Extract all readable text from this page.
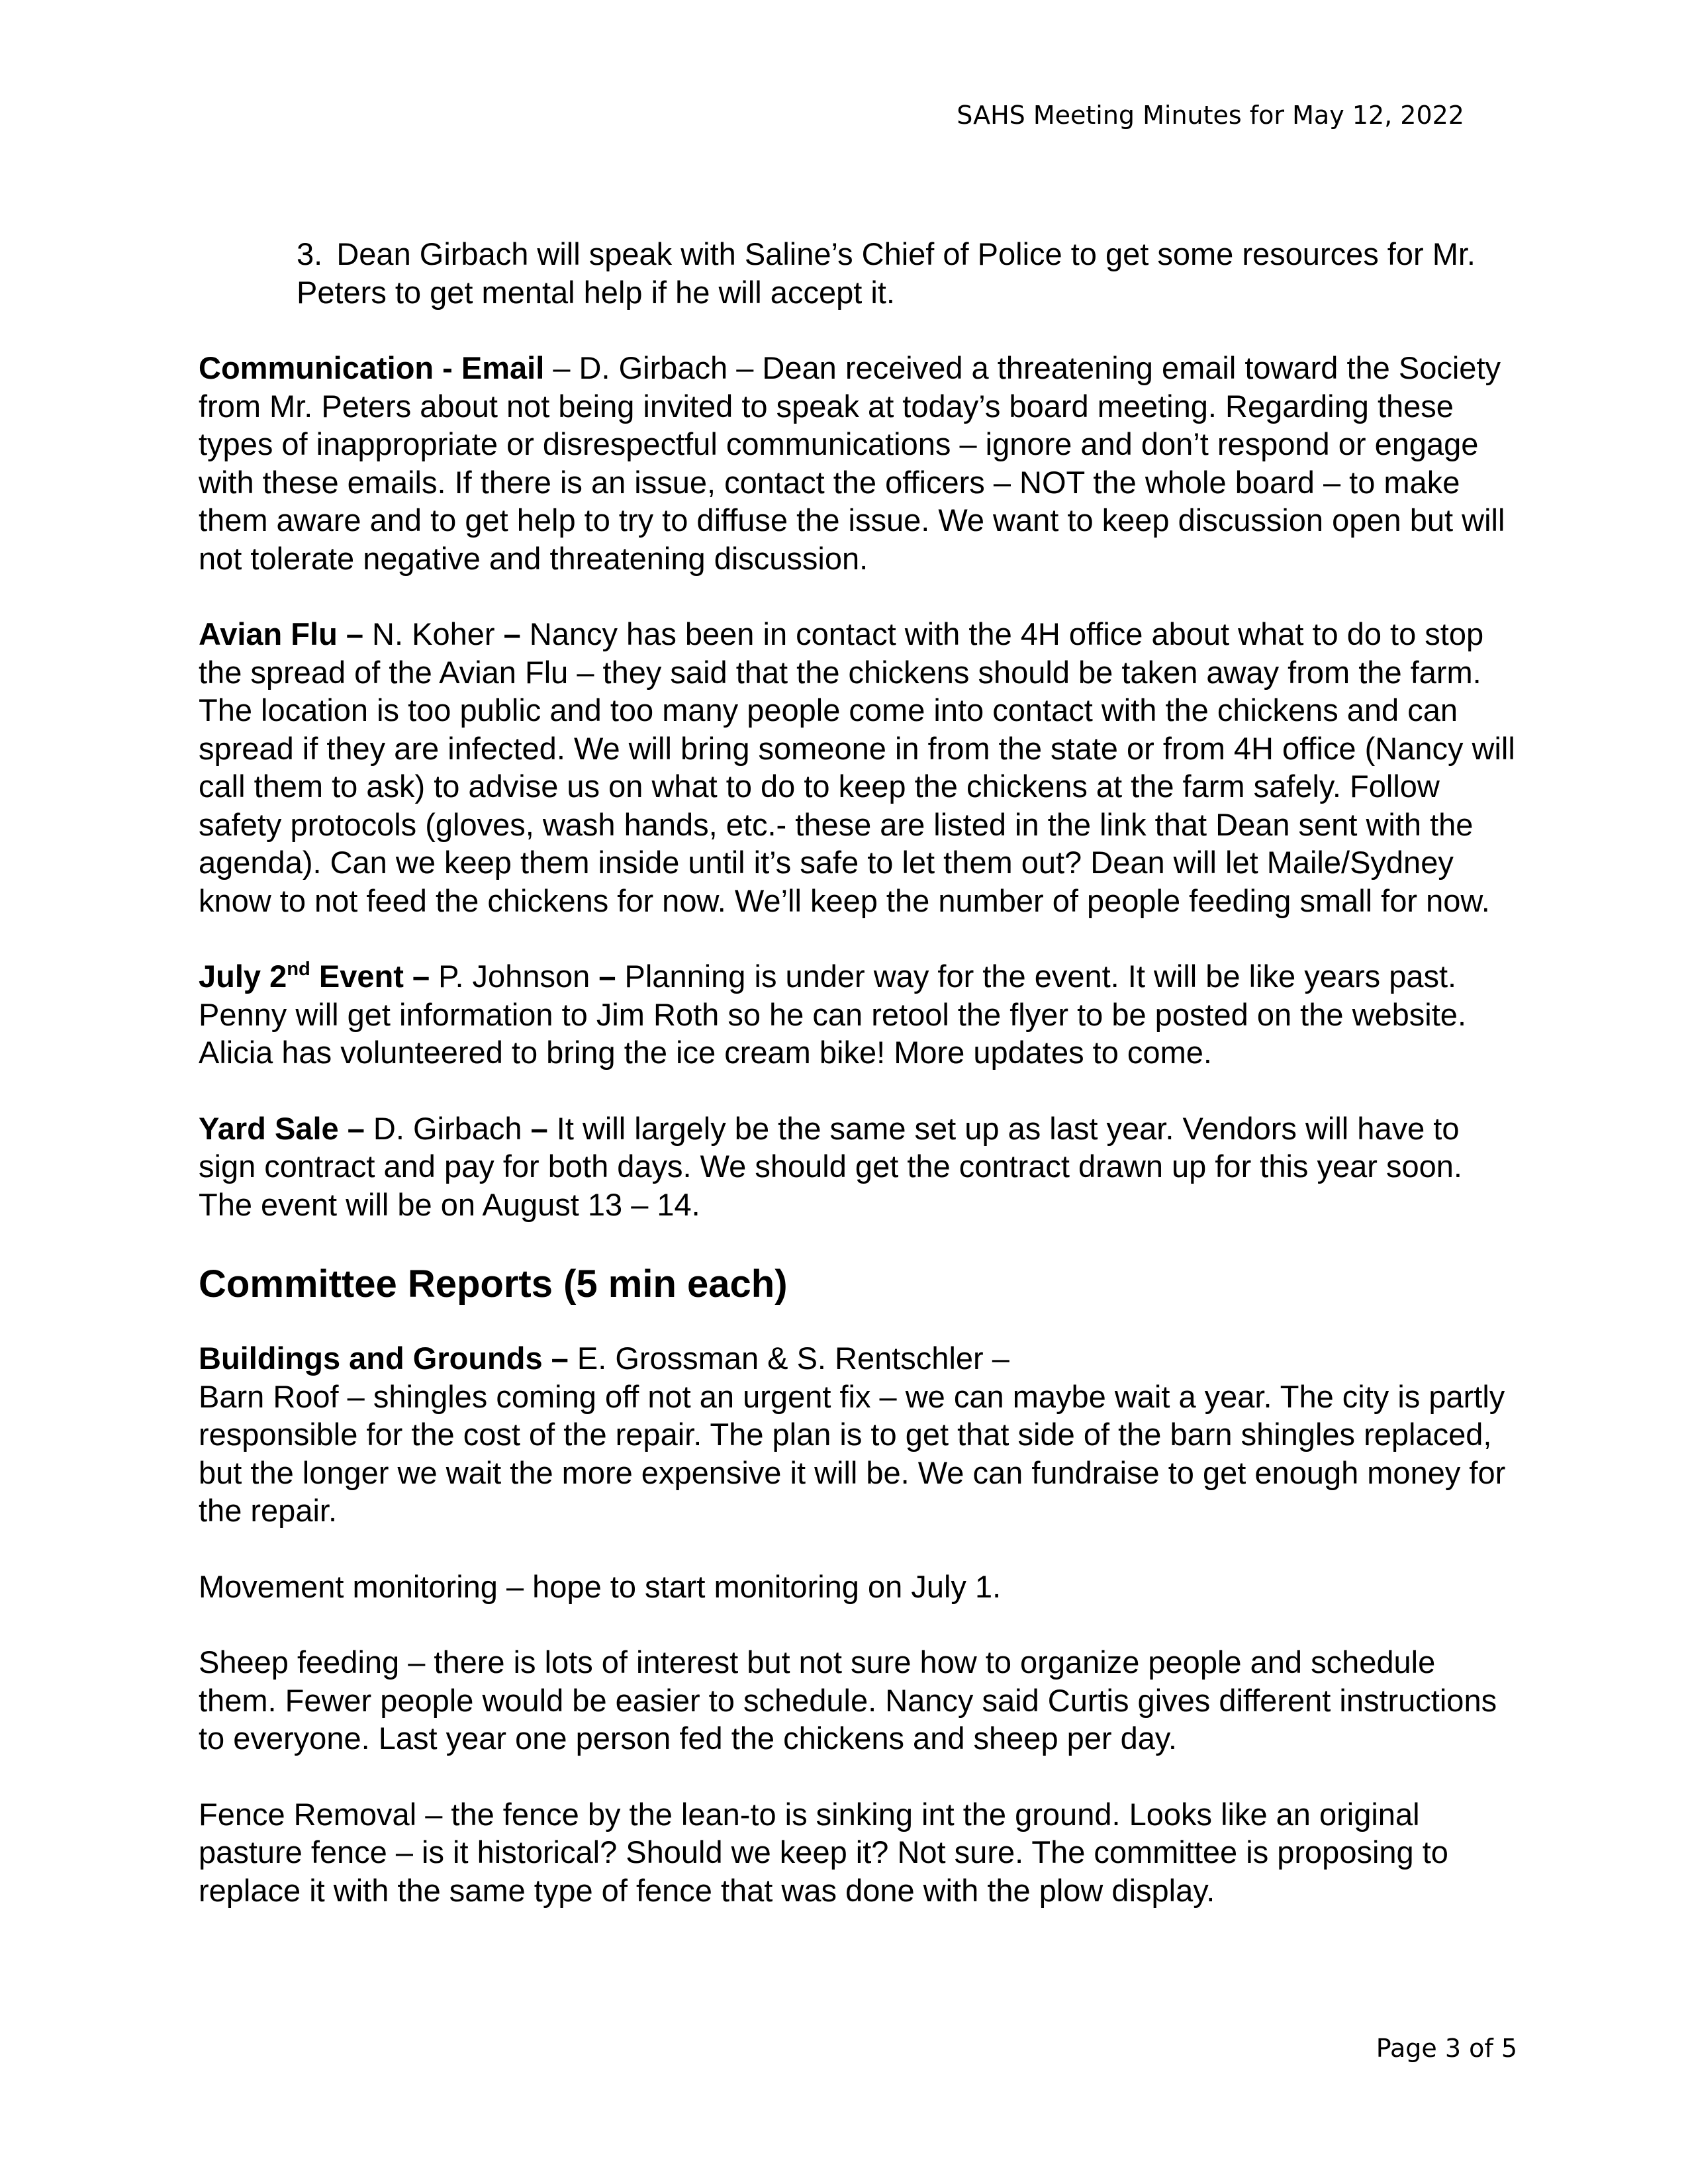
SAHS Meeting Minutes for May 12, 2022

3. Dean Girbach will speak with Saline’s Chief of Police to get some resources for Mr. Peters to get mental help if he will accept it.

Communication - Email – D. Girbach – Dean received a threatening email toward the Society from Mr. Peters about not being invited to speak at today’s board meeting. Regarding these types of inappropriate or disrespectful communications – ignore and don’t respond or engage with these emails. If there is an issue, contact the officers – NOT the whole board – to make them aware and to get help to try to diffuse the issue. We want to keep discussion open but will not tolerate negative and threatening discussion.

Avian Flu – N. Koher – Nancy has been in contact with the 4H office about what to do to stop the spread of the Avian Flu – they said that the chickens should be taken away from the farm. The location is too public and too many people come into contact with the chickens and can spread if they are infected. We will bring someone in from the state or from 4H office (Nancy will call them to ask) to advise us on what to do to keep the chickens at the farm safely. Follow safety protocols (gloves, wash hands, etc.- these are listed in the link that Dean sent with the agenda). Can we keep them inside until it’s safe to let them out? Dean will let Maile/Sydney know to not feed the chickens for now. We’ll keep the number of people feeding small for now.

July 2nd Event – P. Johnson – Planning is under way for the event. It will be like years past. Penny will get information to Jim Roth so he can retool the flyer to be posted on the website. Alicia has volunteered to bring the ice cream bike! More updates to come.

Yard Sale – D. Girbach – It will largely be the same set up as last year. Vendors will have to sign contract and pay for both days. We should get the contract drawn up for this year soon. The event will be on August 13 – 14.

Committee Reports (5 min each)

Buildings and Grounds – E. Grossman & S. Rentschler –

Barn Roof – shingles coming off not an urgent fix – we can maybe wait a year. The city is partly responsible for the cost of the repair. The plan is to get that side of the barn shingles replaced, but the longer we wait the more expensive it will be. We can fundraise to get enough money for the repair.

Movement monitoring – hope to start monitoring on July 1.

Sheep feeding – there is lots of interest but not sure how to organize people and schedule them. Fewer people would be easier to schedule. Nancy said Curtis gives different instructions to everyone. Last year one person fed the chickens and sheep per day.

Fence Removal – the fence by the lean-to is sinking int the ground. Looks like an original pasture fence – is it historical? Should we keep it? Not sure. The committee is proposing to replace it with the same type of fence that was done with the plow display.

Page 3 of 5
